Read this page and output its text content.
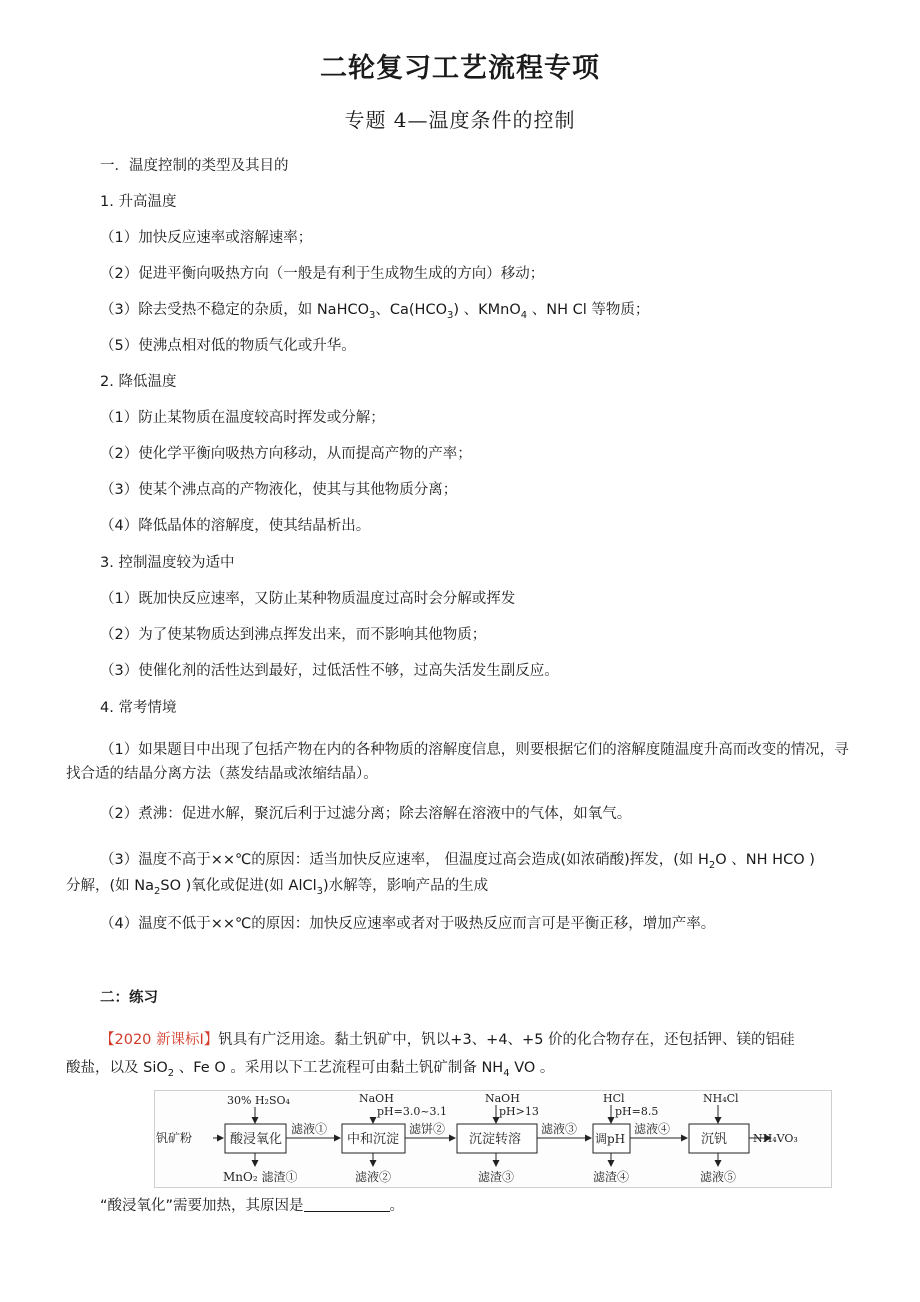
二轮复习工艺流程专项
专题 4—温度条件的控制
一．温度控制的类型及其目的
1. 升高温度
（1）加快反应速率或溶解速率；
（2）促进平衡向吸热方向（一般是有利于生成物生成的方向）移动；
（3）除去受热不稳定的杂质，如 NaHCO$_3$、$Ca(HCO_3)$ 、KMnO$_4$ 、NH Cl 等物质；
（5）使沸点相对低的物质气化或升华。
2. 降低温度
（1）防止某物质在温度较高时挥发或分解；
（2）使化学平衡向吸热方向移动，从而提高产物的产率；
（3）使某个沸点高的产物液化，使其与其他物质分离；
（4）降低晶体的溶解度，使其结晶析出。
3. 控制温度较为适中
（1）既加快反应速率，又防止某种物质温度过高时会分解或挥发
（2）为了使某物质达到沸点挥发出来，而不影响其他物质；
（3）使催化剂的活性达到最好，过低活性不够，过高失活发生副反应。
4. 常考情境
（1）如果题目中出现了包括产物在内的各种物质的溶解度信息，则要根据它们的溶解度随温度升高而改变的情况，寻找合适的结晶分离方法（蒸发结晶或浓缩结晶）。
（2）煮沸：促进水解，聚沉后利于过滤分离；除去溶解在溶液中的气体，如氧气。
（3）温度不高于××℃的原因：适当加快反应速率， 但温度过高会造成(如浓硝酸)挥发，(如 $H_2O$ 、NH HCO )
分解，(如 $Na_2SO$ )氧化或促进(如 AlCl$_3$)水解等，影响产品的生成
（4）温度不低于××℃的原因：加快反应速率或者对于吸热反应而言可是平衡正移，增加产率。
二：练习
【2020 新课标Ⅰ】钒具有广泛用途。黏土钒矿中，钒以+3、+4、+5 价的化合物存在，还包括钾、镁的铝硅
酸盐，以及 SiO$_2$ 、Fe O 。采用以下工艺流程可由黏土钒矿制备 $NH_4$ VO 。
钒矿粉	酸浸氧化	中和沉淀	沉淀转溶	调pH	沉钒 NH₄VO₃
30% H₂SO₄	NaOH
pH=3.0~3.1
NaOH
pH>13
HCl
pH=8.5
NH₄Cl
滤液①	滤饼②	滤液③	滤液④
MnO₂ 滤渣①	滤液②	滤渣③	滤渣④	滤液⑤
“酸浸氧化”需要加热，其原因是	。
